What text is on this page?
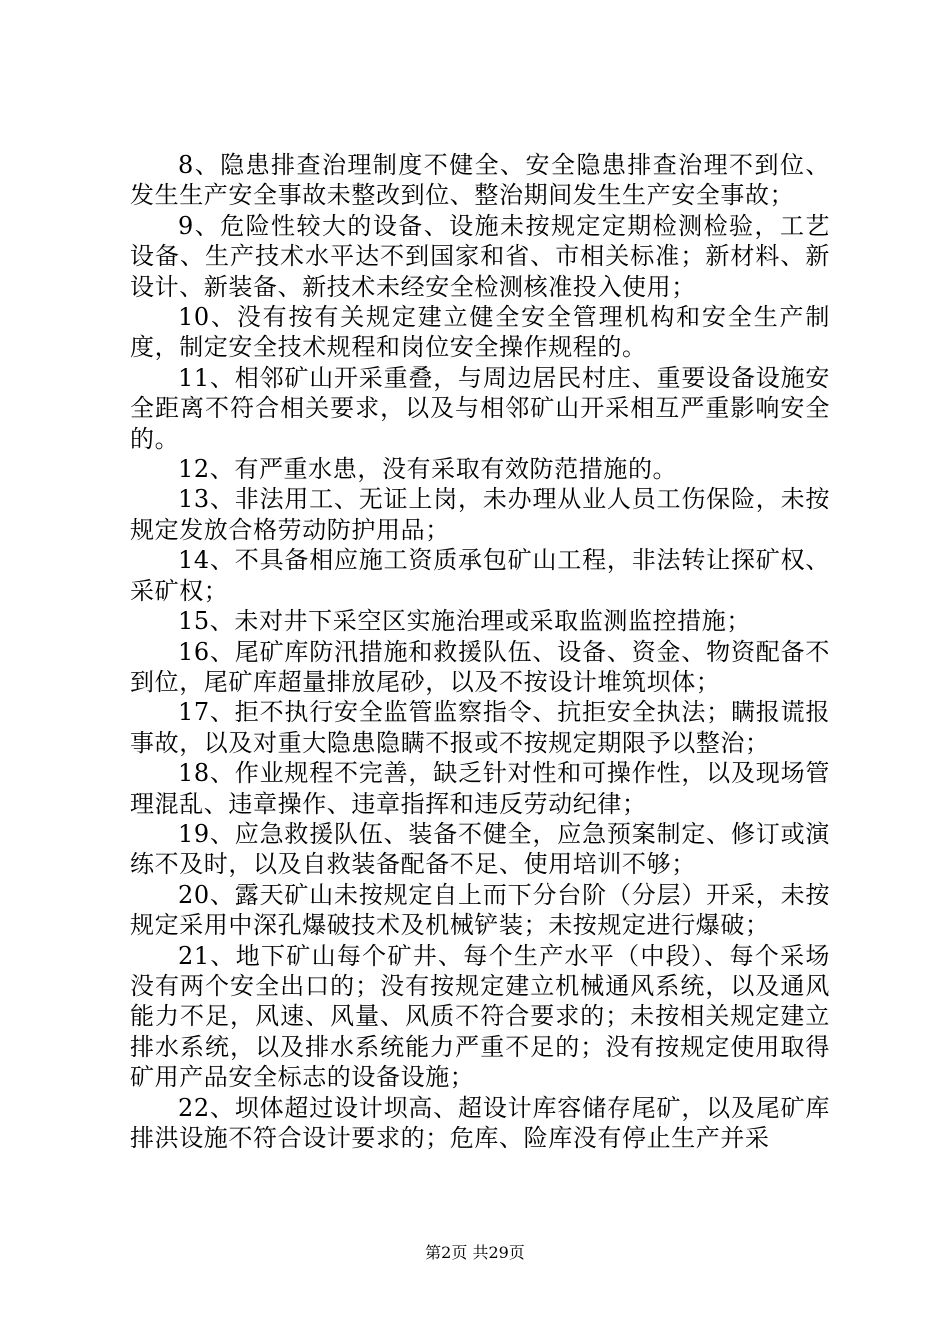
8、隐患排查治理制度不健全、安全隐患排查治理不到位、发生生产安全事故未整改到位、整治期间发生生产安全事故；

9、危险性较大的设备、设施未按规定定期检测检验，工艺设备、生产技术水平达不到国家和省、市相关标准；新材料、新设计、新装备、新技术未经安全检测核准投入使用；

10、没有按有关规定建立健全安全管理机构和安全生产制度，制定安全技术规程和岗位安全操作规程的。

11、相邻矿山开采重叠，与周边居民村庄、重要设备设施安全距离不符合相关要求，以及与相邻矿山开采相互严重影响安全的。

12、有严重水患，没有采取有效防范措施的。

13、非法用工、无证上岗，未办理从业人员工伤保险，未按规定发放合格劳动防护用品；

14、不具备相应施工资质承包矿山工程，非法转让探矿权、采矿权；

15、未对井下采空区实施治理或采取监测监控措施；

16、尾矿库防汛措施和救援队伍、设备、资金、物资配备不到位，尾矿库超量排放尾砂，以及不按设计堆筑坝体；

17、拒不执行安全监管监察指令、抗拒安全执法；瞒报谎报事故，以及对重大隐患隐瞒不报或不按规定期限予以整治；

18、作业规程不完善，缺乏针对性和可操作性，以及现场管理混乱、违章操作、违章指挥和违反劳动纪律；

19、应急救援队伍、装备不健全，应急预案制定、修订或演练不及时，以及自救装备配备不足、使用培训不够；

20、露天矿山未按规定自上而下分台阶（分层）开采，未按规定采用中深孔爆破技术及机械铲装；未按规定进行爆破；

21、地下矿山每个矿井、每个生产水平（中段）、每个采场没有两个安全出口的；没有按规定建立机械通风系统，以及通风能力不足，风速、风量、风质不符合要求的；未按相关规定建立排水系统，以及排水系统能力严重不足的；没有按规定使用取得矿用产品安全标志的设备设施；

22、坝体超过设计坝高、超设计库容储存尾矿，以及尾矿库排洪设施不符合设计要求的；危库、险库没有停止生产并采

第2页 共29页
